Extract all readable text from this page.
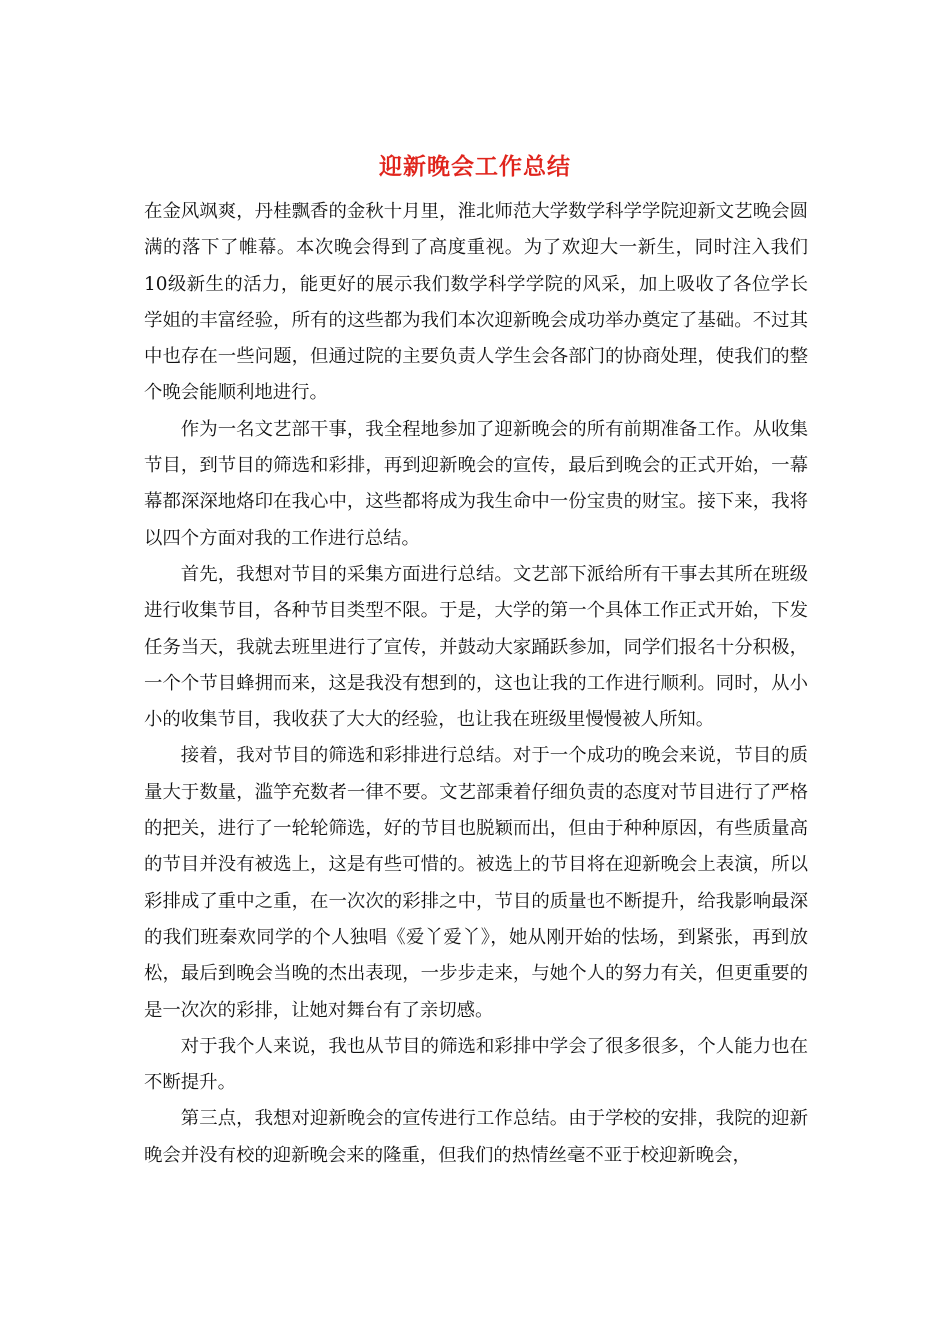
迎新晚会工作总结

在金风飒爽，丹桂飘香的金秋十月里，淮北师范大学数学科学学院迎新文艺晚会圆满的落下了帷幕。本次晚会得到了高度重视。为了欢迎大一新生，同时注入我们10级新生的活力，能更好的展示我们数学科学学院的风采，加上吸收了各位学长学姐的丰富经验，所有的这些都为我们本次迎新晚会成功举办奠定了基础。不过其中也存在一些问题，但通过院的主要负责人学生会各部门的协商处理，使我们的整个晚会能顺利地进行。

作为一名文艺部干事，我全程地参加了迎新晚会的所有前期准备工作。从收集节目，到节目的筛选和彩排，再到迎新晚会的宣传，最后到晚会的正式开始，一幕幕都深深地烙印在我心中，这些都将成为我生命中一份宝贵的财宝。接下来，我将以四个方面对我的工作进行总结。

首先，我想对节目的采集方面进行总结。文艺部下派给所有干事去其所在班级进行收集节目，各种节目类型不限。于是，大学的第一个具体工作正式开始，下发任务当天，我就去班里进行了宣传，并鼓动大家踊跃参加，同学们报名十分积极，一个个节目蜂拥而来，这是我没有想到的，这也让我的工作进行顺利。同时，从小小的收集节目，我收获了大大的经验，也让我在班级里慢慢被人所知。

接着，我对节目的筛选和彩排进行总结。对于一个成功的晚会来说，节目的质量大于数量，滥竽充数者一律不要。文艺部秉着仔细负责的态度对节目进行了严格的把关，进行了一轮轮筛选，好的节目也脱颖而出，但由于种种原因，有些质量高的节目并没有被选上，这是有些可惜的。被选上的节目将在迎新晚会上表演，所以彩排成了重中之重，在一次次的彩排之中，节目的质量也不断提升，给我影响最深的我们班秦欢同学的个人独唱《爱丫爱丫》，她从刚开始的怯场，到紧张，再到放松，最后到晚会当晚的杰出表现，一步步走来，与她个人的努力有关，但更重要的是一次次的彩排，让她对舞台有了亲切感。

对于我个人来说，我也从节目的筛选和彩排中学会了很多很多，个人能力也在不断提升。

第三点，我想对迎新晚会的宣传进行工作总结。由于学校的安排，我院的迎新晚会并没有校的迎新晚会来的隆重，但我们的热情丝毫不亚于校迎新晚会，
